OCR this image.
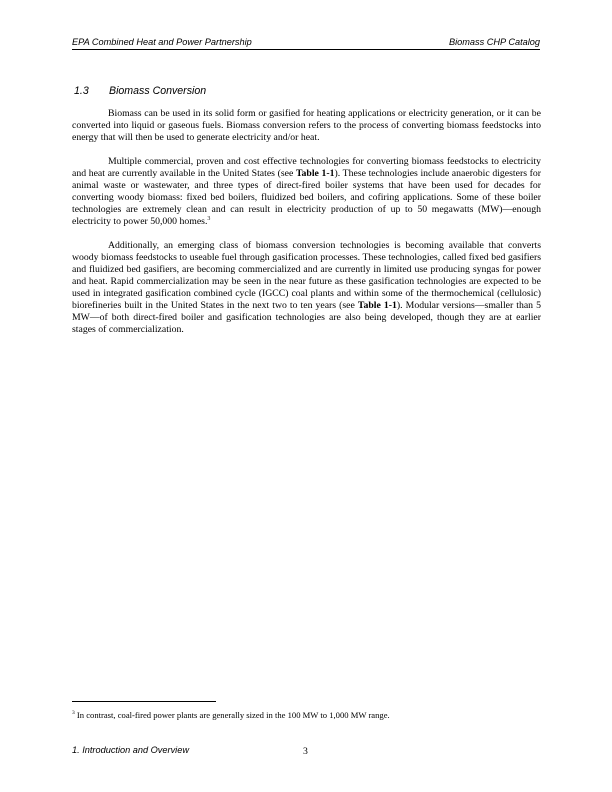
EPA Combined Heat and Power Partnership	Biomass CHP Catalog
1.3 Biomass Conversion

Biomass can be used in its solid form or gasified for heating applications or electricity generation, or it can be converted into liquid or gaseous fuels. Biomass conversion refers to the process of converting biomass feedstocks into energy that will then be used to generate electricity and/or heat.

Multiple commercial, proven and cost effective technologies for converting biomass feedstocks to electricity and heat are currently available in the United States (see Table 1-1). These technologies include anaerobic digesters for animal waste or wastewater, and three types of direct-fired boiler systems that have been used for decades for converting woody biomass: fixed bed boilers, fluidized bed boilers, and cofiring applications. Some of these boiler technologies are extremely clean and can result in electricity production of up to 50 megawatts (MW)—enough electricity to power 50,000 homes.$^3$

Additionally, an emerging class of biomass conversion technologies is becoming available that converts woody biomass feedstocks to useable fuel through gasification processes. These technologies, called fixed bed gasifiers and fluidized bed gasifiers, are becoming commercialized and are currently in limited use producing syngas for power and heat. Rapid commercialization may be seen in the near future as these gasification technologies are expected to be used in integrated gasification combined cycle (IGCC) coal plants and within some of the thermochemical (cellulosic) biorefineries built in the United States in the next two to ten years (see Table 1-1). Modular versions—smaller than 5 MW—of both direct-fired boiler and gasification technologies are also being developed, though they are at earlier stages of commercialization.

$^3$ In contrast, coal-fired power plants are generally sized in the 100 MW to 1,000 MW range.
1. Introduction and Overview	3
